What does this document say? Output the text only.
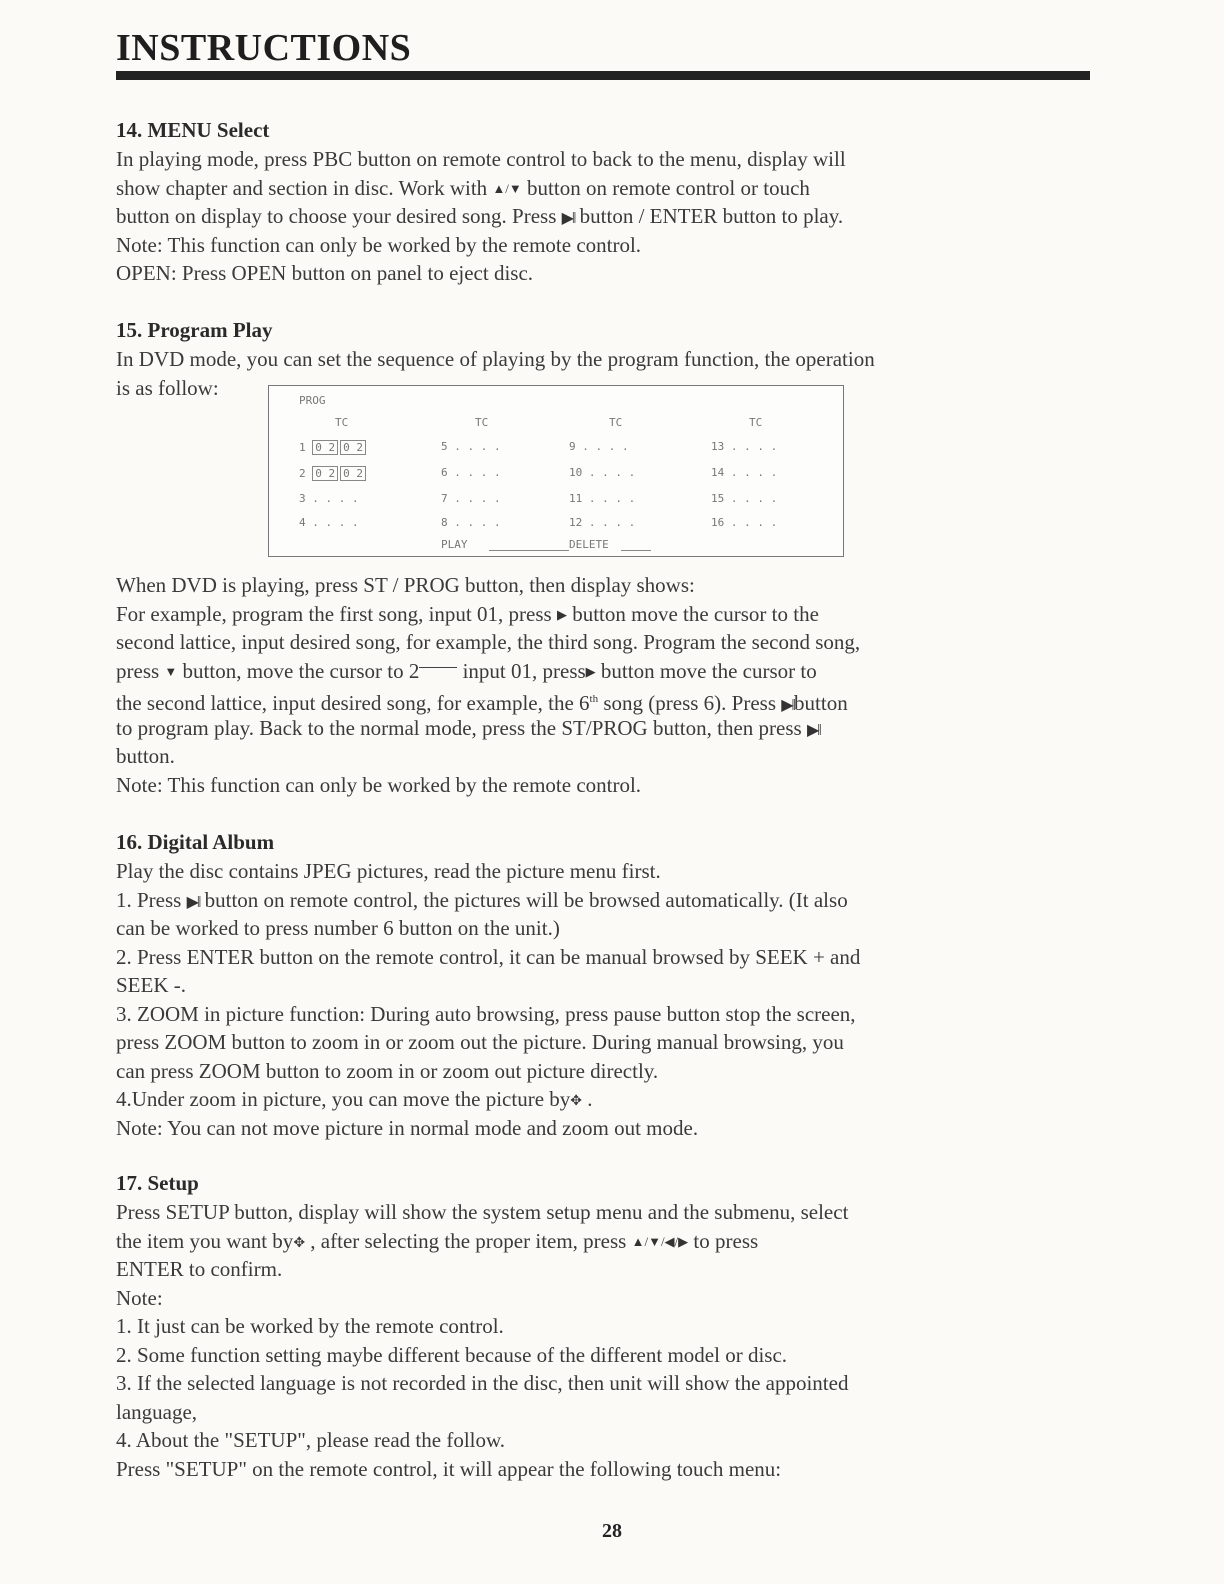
INSTRUCTIONS
14. MENU Select
In playing mode, press PBC button on remote control to back to the menu, display will
show chapter and section in disc. Work with ▲/▼ button on remote control or touch
button on display to choose your desired song. Press ▶‖ button / ENTER button to play.
Note: This function can only be worked by the remote control.
OPEN: Press OPEN button on panel to eject disc.
15. Program Play
In DVD mode, you can set the sequence of playing by the program function, the operation
is as follow:
PROG
TC	TC	TC	TC
1 0 2 0 2	5 . . . .	9 . . . .	13 . . . .
2 0 2 0 2	6 . . . .	10 . . . .	14 . . . .
3 . . . .	7 . . . .	11 . . . .	15 . . . .
4 . . . .	8 . . . .	12 . . . .	16 . . . .
PLAY	DELETE
When DVD is playing, press ST / PROG button, then display shows:
For example, program the first song, input 01, press ▶ button move the cursor to the
second lattice, input desired song, for example, the third song. Program the second song,
press ▼ button, move the cursor to 2 input 01, press▶ button move the cursor to
the second lattice, input desired song, for example, the 6th song (press 6). Press ▶‖button
to program play. Back to the normal mode, press the ST/PROG button, then press ▶‖
button.
Note: This function can only be worked by the remote control.
16. Digital Album
Play the disc contains JPEG pictures, read the picture menu first.
1. Press ▶‖ button on remote control, the pictures will be browsed automatically. (It also
can be worked to press number 6 button on the unit.)
2. Press ENTER button on the remote control, it can be manual browsed by SEEK + and
SEEK -.
3. ZOOM in picture function: During auto browsing, press pause button stop the screen,
press ZOOM button to zoom in or zoom out the picture. During manual browsing, you
can press ZOOM button to zoom in or zoom out picture directly.
4.Under zoom in picture, you can move the picture by✥ .
Note: You can not move picture in normal mode and zoom out mode.
17. Setup
Press SETUP button, display will show the system setup menu and the submenu, select
the item you want by✥ , after selecting the proper item, press ▲/▼/◀/▶ to press
ENTER to confirm.
Note:
1. It just can be worked by the remote control.
2. Some function setting maybe different because of the different model or disc.
3. If the selected language is not recorded in the disc, then unit will show the appointed
language,
4. About the "SETUP", please read the follow.
Press "SETUP" on the remote control, it will appear the following touch menu:
28
